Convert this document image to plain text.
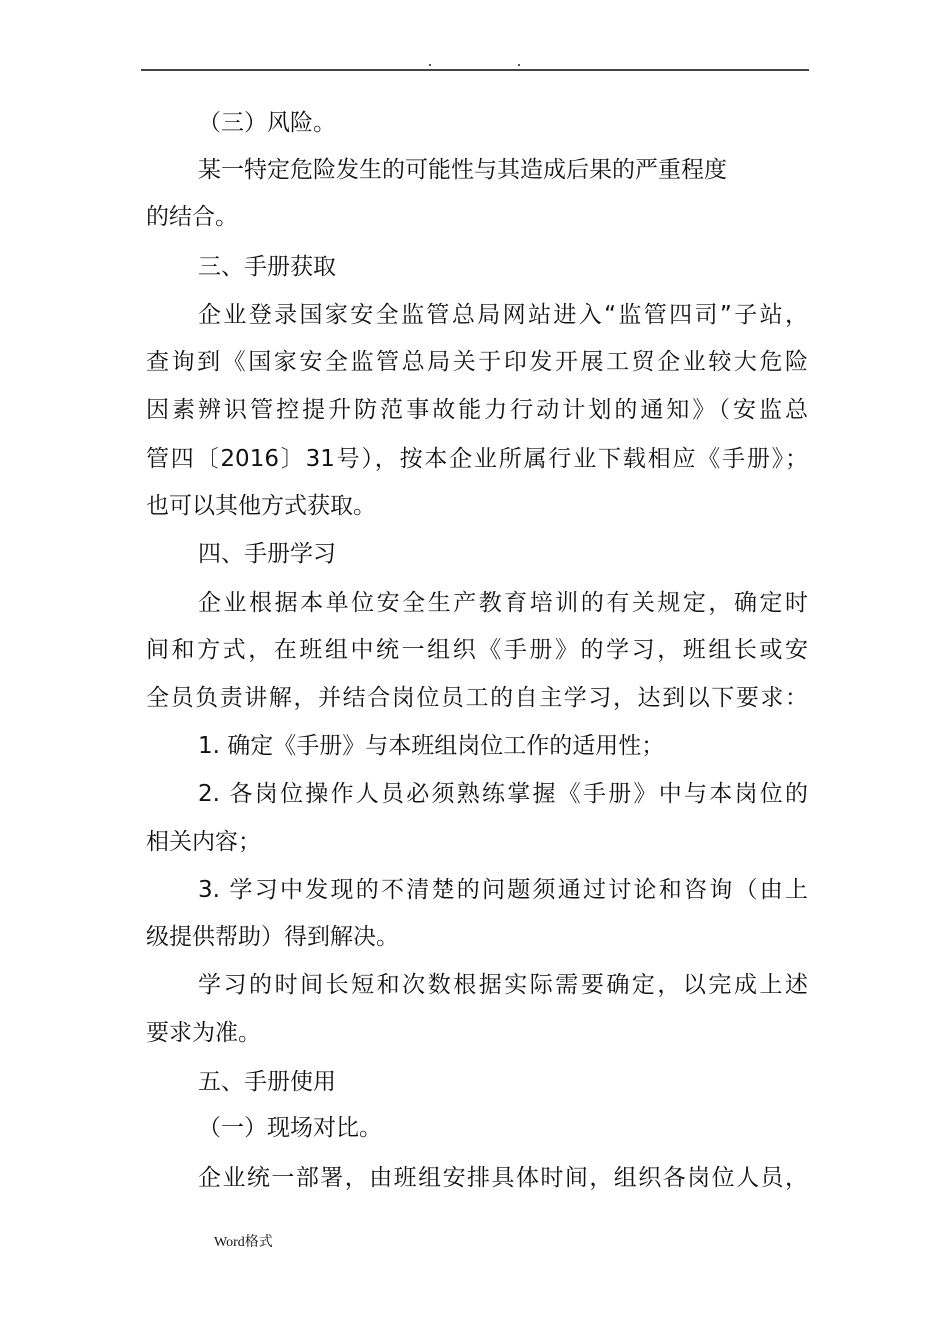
（三）风险。
某一特定危险发生的可能性与其造成后果的严重程度
的结合。
三、手册获取
企业登录国家安全监管总局网站进入“监管四司”子站，
查询到《国家安全监管总局关于印发开展工贸企业较大危险
因素辨识管控提升防范事故能力行动计划的通知》（安监总
管四〔2016〕31号），按本企业所属行业下载相应《手册》；
也可以其他方式获取。
四、手册学习
企业根据本单位安全生产教育培训的有关规定，确定时
间和方式，在班组中统一组织《手册》的学习，班组长或安
全员负责讲解，并结合岗位员工的自主学习，达到以下要求：
1. 确定《手册》与本班组岗位工作的适用性；
2. 各岗位操作人员必须熟练掌握《手册》中与本岗位的
相关内容；
3. 学习中发现的不清楚的问题须通过讨论和咨询（由上
级提供帮助）得到解决。
学习的时间长短和次数根据实际需要确定，以完成上述
要求为准。
五、手册使用
（一）现场对比。
企业统一部署，由班组安排具体时间，组织各岗位人员，
Word格式
